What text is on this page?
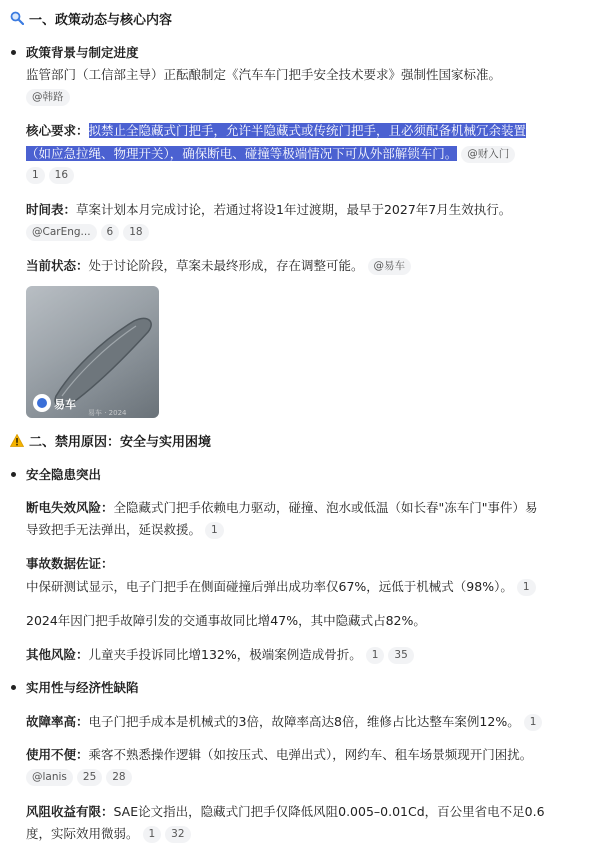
一、政策动态与核心内容
政策背景与制定进度
监管部门（工信部主导）正酝酿制定《汽车车门把手安全技术要求》强制性国家标准。
@韩路
核心要求：拟禁止全隐藏式门把手，允许半隐藏式或传统门把手，且必须配备机械冗余装置
（如应急拉绳、物理开关），确保断电、碰撞等极端情况下可从外部解锁车门。 @财入门
1 16
时间表：草案计划本月完成讨论，若通过将设1年过渡期，最早于2027年7月生效执行。
@CarEng... 6 18
当前状态：处于讨论阶段，草案未最终形成，存在调整可能。 @易车
易车
易车 · 2024
二、禁用原因：安全与实用困境
安全隐患突出
断电失效风险：全隐藏式门把手依赖电力驱动，碰撞、泡水或低温（如长春"冻车门"事件）易
导致把手无法弹出，延误救援。 1
事故数据佐证：
中保研测试显示，电子门把手在侧面碰撞后弹出成功率仅67%，远低于机械式（98%）。 1
2024年因门把手故障引发的交通事故同比增47%，其中隐藏式占82%。
其他风险：儿童夹手投诉同比增132%，极端案例造成骨折。 1 35
实用性与经济性缺陷
故障率高：电子门把手成本是机械式的3倍，故障率高达8倍，维修占比达整车案例12%。 1
使用不便：乘客不熟悉操作逻辑（如按压式、电弹出式），网约车、租车场景频现开门困扰。
@lanis 25 28
风阻收益有限：SAE论文指出，隐藏式门把手仅降低风阻0.005–0.01Cd，百公里省电不足0.6
度，实际效用微弱。 1 32
